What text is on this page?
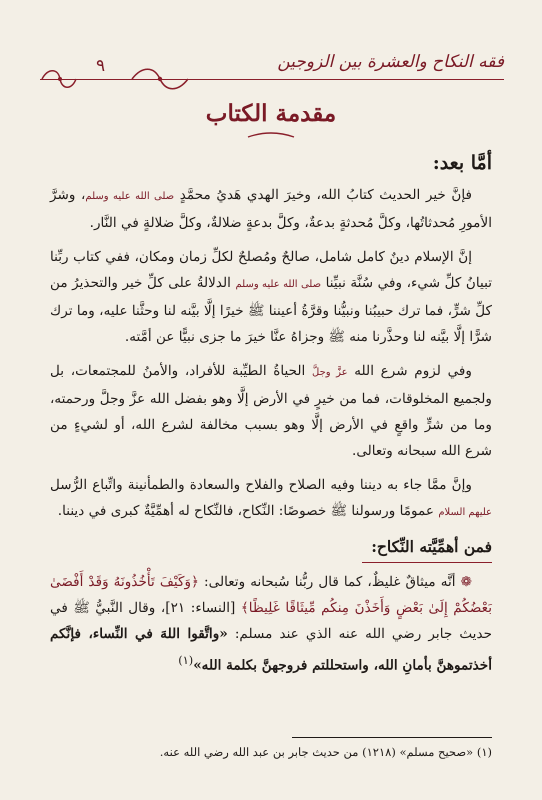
٩	فقه النكاح والعشرة بين الزوجين
مقدمة الكتاب
أمَّا بعد:

فإنَّ خير الحديث كتابُ الله، وخيرَ الهدي هَديُ محمَّدٍ صلى الله عليه وسلم، وشرَّ الأمورِ مُحدثاتُها، وكلَّ مُحدثةٍ بدعةٌ، وكلَّ بدعةٍ ضلالةٌ، وكلَّ ضلالةٍ في النَّار.

إنَّ الإسلام دينٌ كامل شامل، صالحٌ ومُصلحٌ لكلِّ زمان ومكان، ففي كتاب ربِّنا تبيانُ كلِّ شيء، وفي سُنَّة نبيِّنا صلى الله عليه وسلم الدلالةُ على كلِّ خير والتحذيرُ من كلِّ شرٍّ، فما ترك حبيبُنا ونبيُّنا وقرَّةُ أعيننا ﷺ خيرًا إلَّا بيَّنه لنا وحثَّنا عليه، وما ترك شرًّا إلَّا بيَّنه لنا وحذَّرنا منه ﷺ وجزاهُ عنَّا خيرَ ما جزى نبيًّا عن أمَّته.

وفي لزوم شرع الله عزَّ وجلَّ الحياةُ الطيِّبة للأفراد، والأمنُ للمجتمعات، بل ولجميع المخلوقات، فما من خيرٍ في الأرض إلَّا وهو بفضل الله عزَّ وجلَّ ورحمته، وما من شرٍّ واقعٍ في الأرض إلَّا وهو بسبب مخالفة لشرع الله، أو لشيءٍ من شرع الله سبحانه وتعالى.

وإنَّ ممَّا جاء به ديننا وفيه الصلاح والفلاح والسعادة والطمأنينة واتِّباع الرُّسل عليهم السلام عمومًا ورسولنا ﷺ خصوصًا: النِّكاح، فالنِّكاح له أهمِّيَّةٌ كبرى في ديننا.

فمن أهمِّيَّته النِّكاح:

❁ أنَّه ميثاقٌ غليظٌ، كما قال ربُّنا سُبحانه وتعالى: ﴿وَكَيْفَ تَأْخُذُونَهُ وَقَدْ أَفْضَىٰ بَعْضُكُمْ إِلَىٰ بَعْضٍ وَأَخَذْنَ مِنكُم مِّيثَاقًا غَلِيظًا﴾ [النساء: ٢١]، وقال النَّبيُّ ﷺ في حديث جابر رضي الله عنه الذي عند مسلم: «واتَّقوا اللهَ في النِّساء، فإنَّكم أخذتموهنَّ بأمانِ الله، واستحللتم فروجهنَّ بكلمة الله»$^{(١)}$

(١) «صحيح مسلم» (١٢١٨) من حديث جابر بن عبد الله رضي الله عنه.
